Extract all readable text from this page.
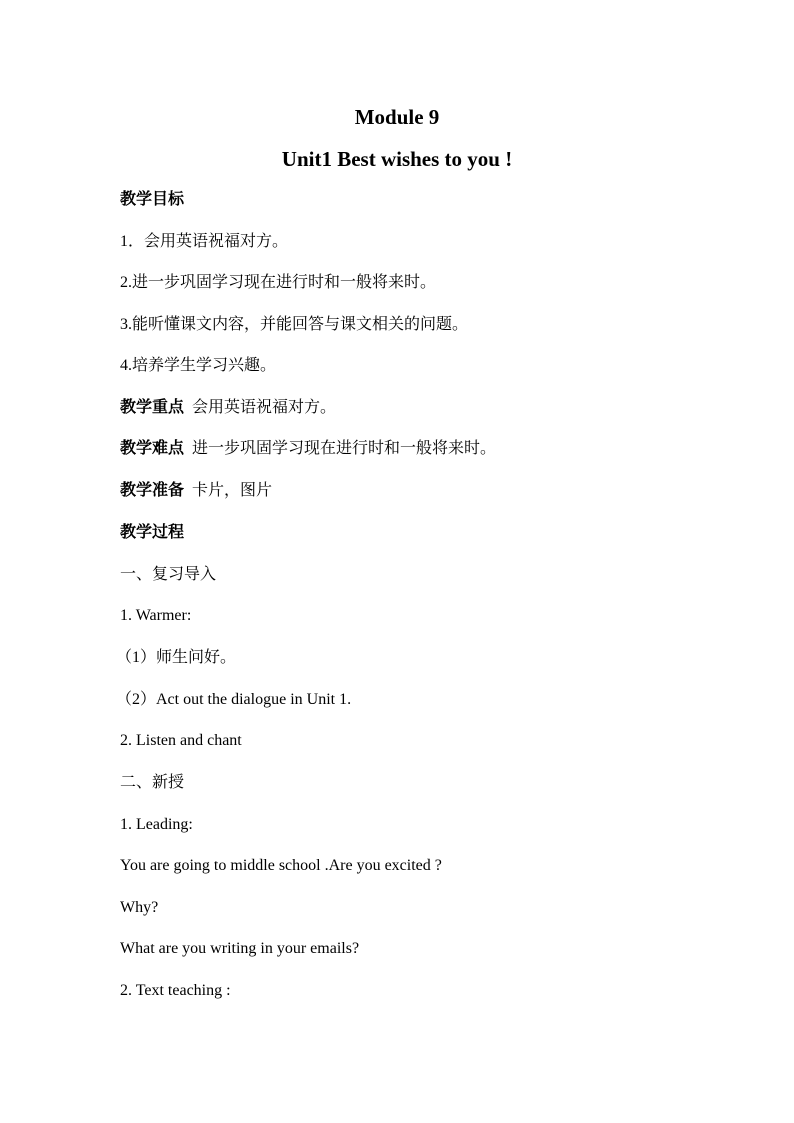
Module 9
Unit1 Best wishes to you !
教学目标
1．会用英语祝福对方。
2.进一步巩固学习现在进行时和一般将来时。
3.能听懂课文内容，并能回答与课文相关的问题。
4.培养学生学习兴趣。
教学重点 会用英语祝福对方。
教学难点 进一步巩固学习现在进行时和一般将来时。
教学准备 卡片，图片
教学过程
一、复习导入
1. Warmer:
（1）师生问好。
（2）Act out the dialogue in Unit 1.
2. Listen and chant
二、新授
1. Leading:
You are going to middle school .Are you excited ?
Why?
What are you writing in your emails?
2. Text teaching :
